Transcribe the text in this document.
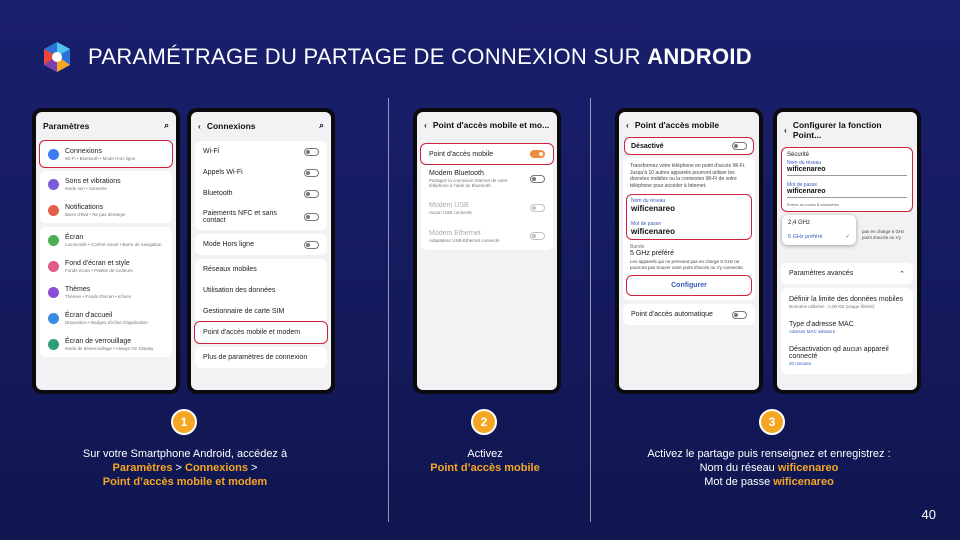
PARAMÉTRAGE DU PARTAGE DE CONNEXION SUR ANDROID
Paramètres	⌕
Connexions
Wi-Fi • Bluetooth • Mode Hors ligne
Sons et vibrations
Mode son • Sonnerie
Notifications
Barre d'état • Ne pas déranger
Écran
Luminosité • Confort visuel • Barre de navigation
Fond d'écran et style
Fonds écran • Palette de couleurs
Thèmes
Thèmes • Fonds d'écran • Icônes
Écran d'accueil
Disposition • Badges d'icône d'application
Écran de verrouillage
Mode de déverrouillage • Always On Display
‹ Connexions	⌕
Wi-Fi
Appels Wi-Fi
Bluetooth
Paiements NFC et sans contact
Mode Hors ligne
Réseaux mobiles
Utilisation des données
Gestionnaire de carte SIM
Point d'accès mobile et modem
Plus de paramètres de connexion
‹ Point d'accès mobile et mo...
Point d'accès mobile
Modem Bluetooth
Partagez la connexion Internet de votre téléphone à l'aide du Bluetooth.
Modem USB
Aucun USB connecté
Modem Ethernet
Adaptateur USB-Ethernet connecté
‹ Point d'accès mobile
Désactivé
Transformez votre téléphone en point d'accès Wi-Fi. Jusqu'à 10 autres appareils pourront utiliser les données mobiles ou la connexion Wi-Fi de votre téléphone pour accéder à Internet.
Nom du réseau
wificenareo
Mot de passe
wificenareo
Bande
5 GHz préféré
Les appareils qui ne prennent pas en charge 5 GHz ne pourront pas trouver votre point d'accès ou s'y connecter.
Configurer
Point d'accès automatique
‹ Configurer la fonction Point...
Sécurité
Nom du réseau
wificenareo
Mot de passe
wificenareo
Entrez au moins 8 caractères
pas en charge 5 GHz point d'accès ou s'y
2,4 GHz
5 GHz préféré	✓
Paramètres avancés	⌃
Définir la limite des données mobiles
Données utilisées : 0,00 KB (usage illimité)
Type d'adresse MAC
Adresse MAC aléatoire
Désactivation qd aucun appareil connecté
20 minutes
1	2	3
Sur votre Smartphone Android, accédez à
Paramètres > Connexions >
Point d’accès mobile et modem
Activez
Point d’accès mobile
Activez le partage puis renseignez et enregistrez :
Nom du réseau wificenareo
Mot de passe wificenareo
40
